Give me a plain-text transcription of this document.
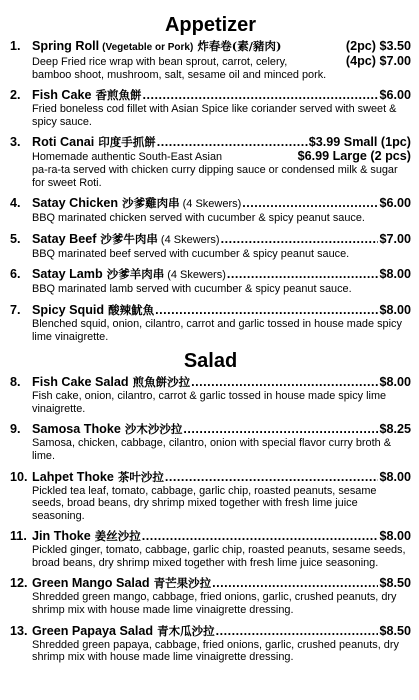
Appetizer
1. Spring Roll (Vegetable or Pork) 炸春卷(素/豬肉)	(2pc) $3.50
Deep Fried rice wrap with bean sprout, carrot, celery,	(4pc) $7.00
bamboo shoot, mushroom, salt, sesame oil and minced pork.
2. Fish Cake 香煎魚餅 .....	$6.00
Fried boneless cod fillet with Asian Spice like coriander served with sweet & spicy sauce.
3. Roti Canai 印度手抓餅 .....	$3.99 Small (1pc)
Homemade authentic South-East Asian	$6.99 Large (2 pcs)
pa-ra-ta served with chicken curry dipping sauce or condensed milk & sugar for sweet Roti.
4. Satay Chicken 沙爹雞肉串 (4 Skewers) .....	$6.00
BBQ marinated chicken served with cucumber & spicy peanut sauce.
5. Satay Beef 沙爹牛肉串 (4 Skewers) .....	$7.00
BBQ marinated beef served with cucumber & spicy peanut sauce.
6. Satay Lamb 沙爹羊肉串 (4 Skewers) .....	$8.00
BBQ marinated lamb served with cucumber & spicy peanut sauce.
7. Spicy Squid 酸辣魷魚 .....	$8.00
Blenched squid, onion, cilantro, carrot and garlic tossed in house made spicy lime vinaigrette.
Salad
8. Fish Cake Salad 煎魚餅沙拉 .....	$8.00
Fish cake, onion, cilantro, carrot & garlic tossed in house made spicy lime vinaigrette.
9. Samosa Thoke 沙木沙沙拉 .....	$8.25
Samosa, chicken, cabbage, cilantro, onion with special flavor curry broth & lime.
10. Lahpet Thoke 茶叶沙拉 .....	$8.00
Pickled tea leaf, tomato, cabbage, garlic chip, roasted peanuts, sesame seeds, broad beans, dry shrimp mixed together with fresh lime juice seasoning.
11. Jin Thoke 姜丝沙拉 .....	$8.00
Pickled ginger, tomato, cabbage, garlic chip, roasted peanuts, sesame seeds, broad beans, dry shrimp mixed together with fresh lime juice seasoning.
12. Green Mango Salad 青芒果沙拉 .....	$8.50
Shredded green mango, cabbage, fried onions, garlic, crushed peanuts, dry shrimp mix with house made lime vinaigrette dressing.
13. Green Papaya Salad 青木瓜沙拉 .....	$8.50
Shredded green papaya, cabbage, fried onions, garlic, crushed peanuts, dry shrimp mix with house made lime vinaigrette dressing.
